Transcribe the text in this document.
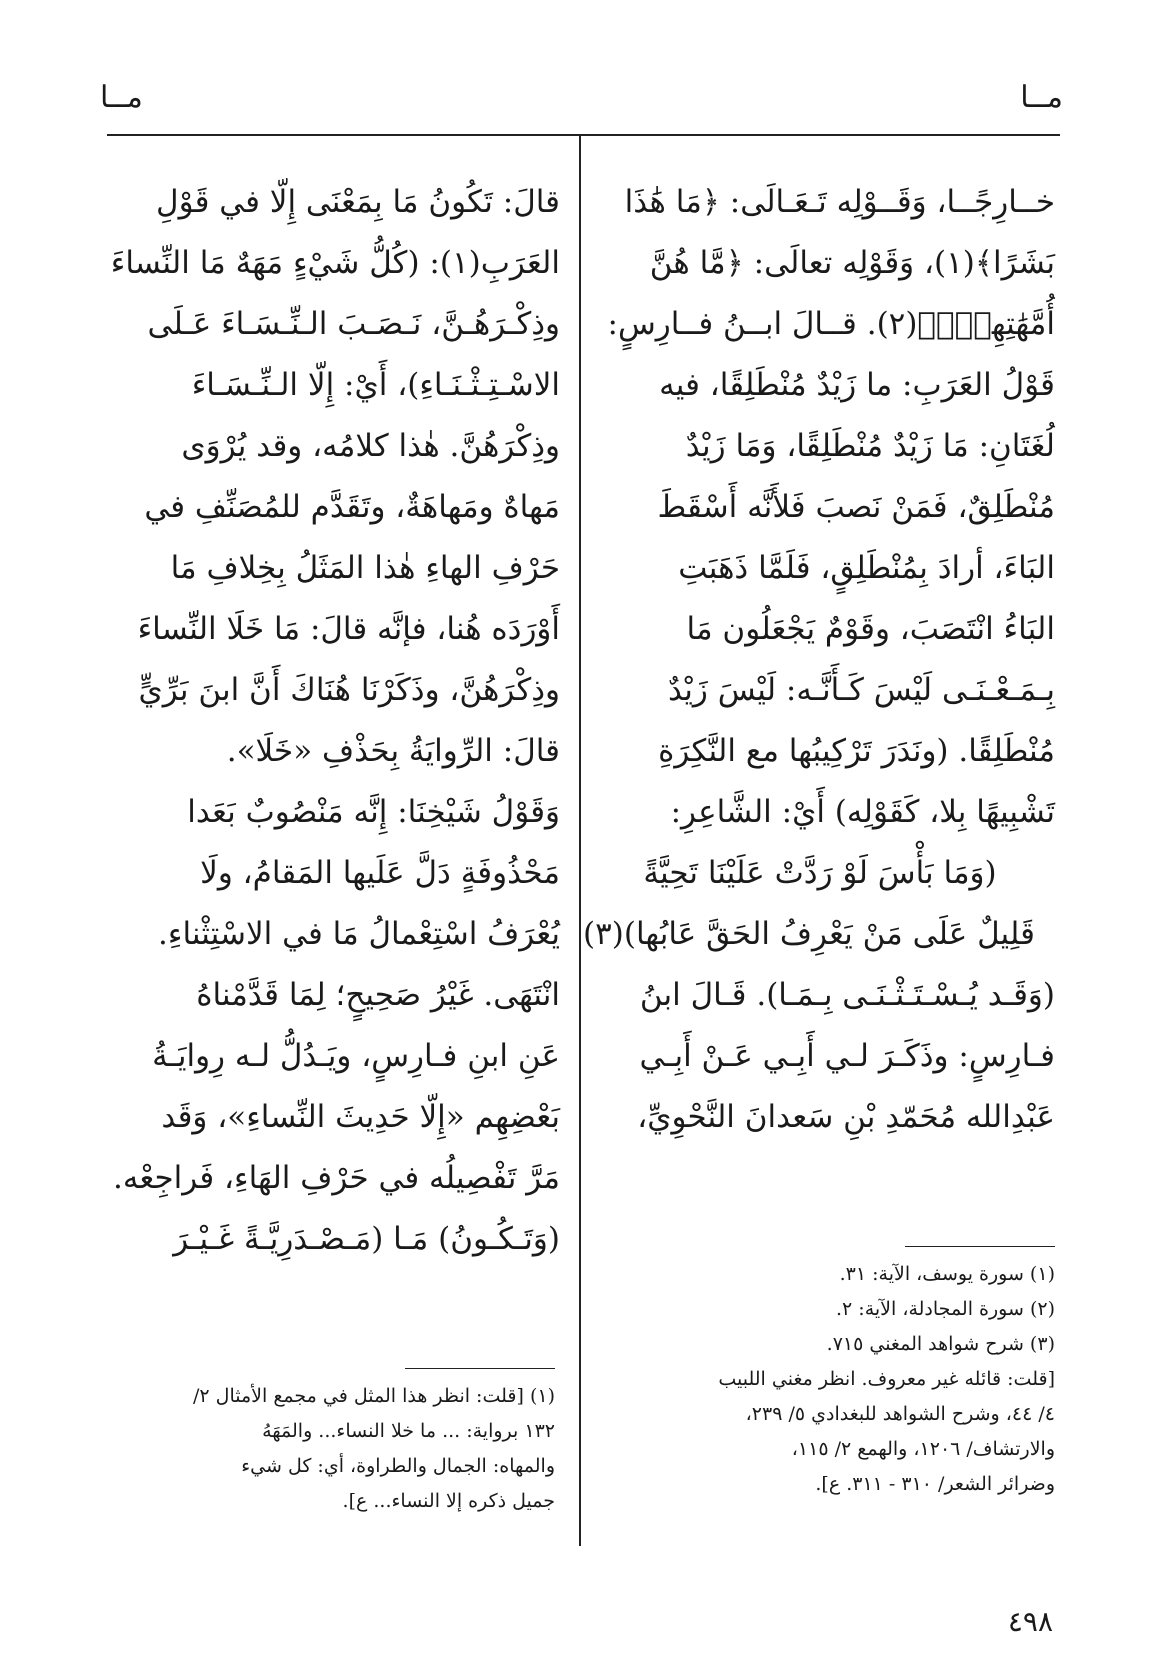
مــا
مــا
خــارِجًــا، وَقَــوْلِه تَـعَـالَى: ﴿مَا هَٰذَا
بَشَرًا﴾(١)، وَقَوْلِه تعالَى: ﴿مَّا هُنَّ
أُمَّهَٰتِهِمْۖ﴾(٢). قــالَ ابــنُ فــارِسٍ:
قَوْلُ العَرَبِ: ما زَيْدٌ مُنْطَلِقًا، فيه
لُغَتَانِ: مَا زَيْدٌ مُنْطَلِقًا، وَمَا زَيْدٌ
مُنْطَلِقٌ، فَمَنْ نَصبَ فَلأَنَّه أَسْقَطَ
البَاءَ، أرادَ بِمُنْطَلِقٍ، فَلَمَّا ذَهَبَتِ
البَاءُ انْتَصَبَ، وقَوْمٌ يَجْعَلُون مَا
بِـمَـعْـنَـى لَيْسَ كَـأَنَّـه: لَيْسَ زَيْدٌ
مُنْطَلِقًا. (ونَدَرَ تَرْكِيبُها مع النَّكِرَةِ
تَشْبِيهًا بِلا، كَقَوْلِه) أَيْ: الشَّاعِرِ:
(وَمَا بَأْسَ لَوْ رَدَّتْ عَلَيْنَا تَحِيَّةً
قَلِيلٌ عَلَى مَنْ يَعْرِفُ الحَقَّ عَابُها)(٣)
(وَقَـد يُـسْـتَـثْـنَـى بِـمَـا). قَـالَ ابنُ
فـارِسٍ: وذَكَـرَ لـي أَبِـي عَـنْ أَبِـي
عَبْدِالله مُحَمّدِ بْنِ سَعدانَ النَّحْوِيِّ،
قالَ: تَكُونُ مَا بِمَعْنَى إِلّا في قَوْلِ
العَرَبِ(١): (كُلُّ شَيْءٍ مَهَهٌ مَا النِّساءَ
وذِكْـرَهُـنَّ، نَـصَـبَ الـنِّـسَـاءَ عَـلَى
الاسْـتِـثْـنَـاءِ)، أَيْ: إِلّا الـنِّـسَـاءَ
وذِكْرَهُنَّ. هٰذا كلامُه، وقد يُرْوَى
مَهاهٌ ومَهاهَةٌ، وتَقَدَّم للمُصَنِّفِ في
حَرْفِ الهاءِ هٰذا المَثَلُ بِخِلافِ مَا
أَوْرَدَه هُنا، فإنَّه قالَ: مَا خَلَا النِّساءَ
وذِكْرَهُنَّ، وذَكَرْنَا هُنَاكَ أَنَّ ابنَ بَرِّيٍّ
قالَ: الرِّوايَةُ بِحَذْفِ «خَلَا».
وَقَوْلُ شَيْخِنَا: إِنَّه مَنْصُوبٌ بَعَدا
مَحْذُوفَةٍ دَلَّ عَلَيها المَقامُ، ولَا
يُعْرَفُ اسْتِعْمالُ مَا في الاسْتِثْناءِ.
انْتَهَى. غَيْرُ صَحِيحٍ؛ لِمَا قَدَّمْناهُ
عَنِ ابنِ فـارِسٍ، ويَـدُلُّ لـه رِوايَـةُ
بَعْضِهِم «إِلّا حَدِيثَ النِّساءِ»، وَقَد
مَرَّ تَفْصِيلُه في حَرْفِ الهَاءِ، فَراجِعْه.
(وَتَـكُـونُ) مَـا (مَـصْـدَرِيَّـةً غَـيْـرَ
(١) سورة يوسف، الآية: ٣١.
(٢) سورة المجادلة، الآية: ٢.
(٣) شرح شواهد المغني ٧١٥.
[قلت: قائله غير معروف. انظر مغني اللبيب
٤/ ٤٤، وشرح الشواهد للبغدادي ٥/ ٢٣٩،
والارتشاف/ ١٢٠٦، والهمع ٢/ ١١٥،
وضرائر الشعر/ ٣١٠ - ٣١١. ع].
(١) [قلت: انظر هذا المثل في مجمع الأمثال ٢/
١٣٢ برواية: ... ما خلا النساء... والمَهَهُ
والمهاه: الجمال والطراوة، أي: كل شيء
جميل ذكره إلا النساء... ع].
٤٩٨
